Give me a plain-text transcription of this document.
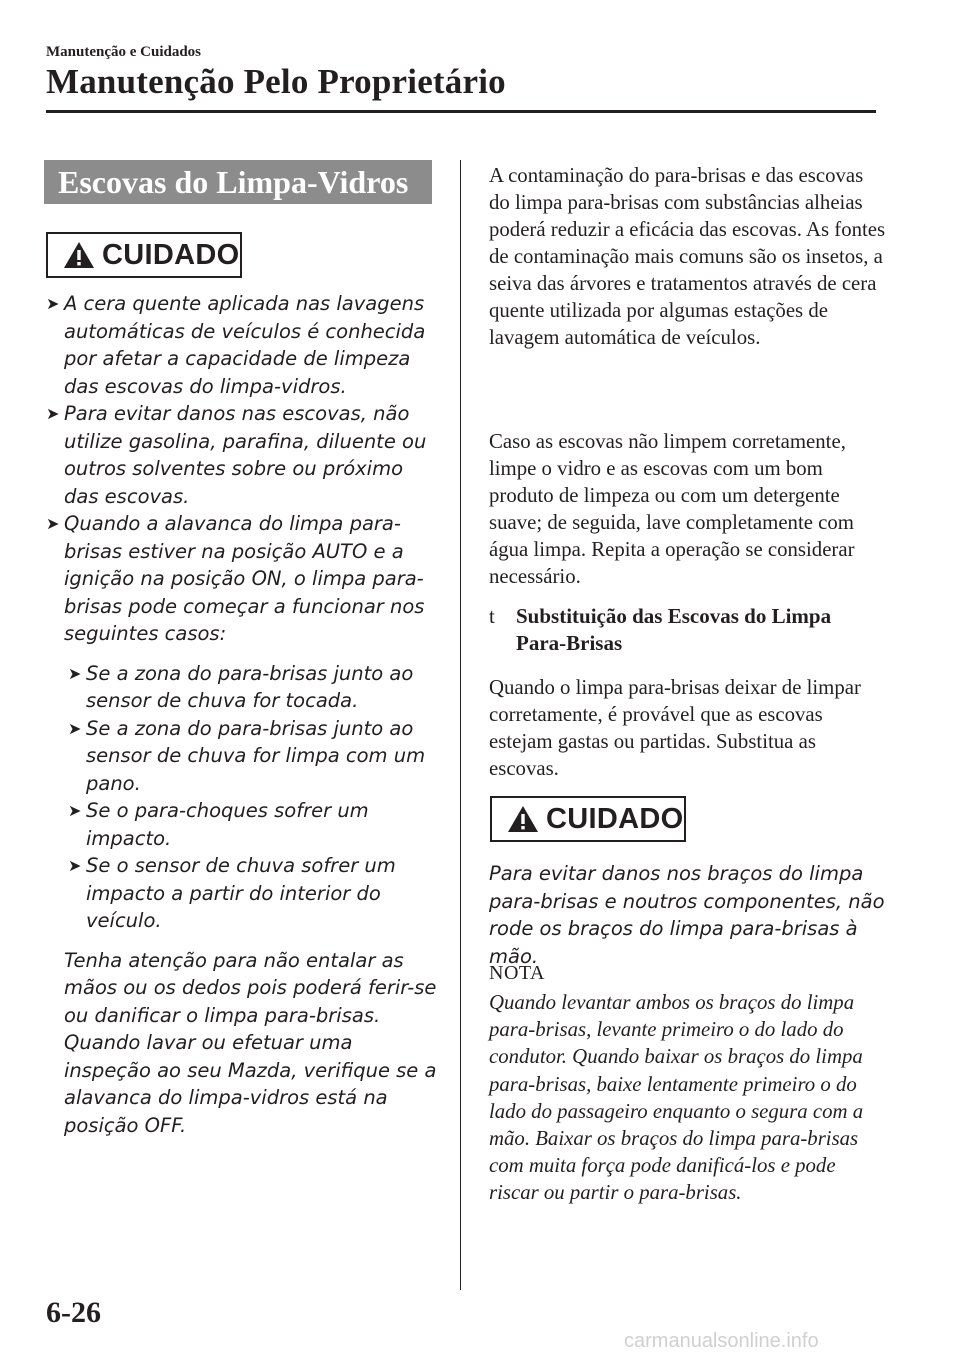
Manutenção e Cuidados
Manutenção Pelo Proprietário
Escovas do Limpa-Vidros
CUIDADO
➤ A cera quente aplicada nas lavagens automáticas de veículos é conhecida por afetar a capacidade de limpeza das escovas do limpa-vidros.
➤ Para evitar danos nas escovas, não utilize gasolina, parafina, diluente ou outros solventes sobre ou próximo das escovas.
➤ Quando a alavanca do limpa para-brisas estiver na posição AUTO e a ignição na posição ON, o limpa para-brisas pode começar a funcionar nos seguintes casos:
➤ Se a zona do para-brisas junto ao sensor de chuva for tocada.
➤ Se a zona do para-brisas junto ao sensor de chuva for limpa com um pano.
➤ Se o para-choques sofrer um impacto.
➤ Se o sensor de chuva sofrer um impacto a partir do interior do veículo.
Tenha atenção para não entalar as mãos ou os dedos pois poderá ferir-se ou danificar o limpa para-brisas. Quando lavar ou efetuar uma inspeção ao seu Mazda, verifique se a alavanca do limpa-vidros está na posição OFF.

A contaminação do para-brisas e das escovas do limpa para-brisas com substâncias alheias poderá reduzir a eficácia das escovas. As fontes de contaminação mais comuns são os insetos, a seiva das árvores e tratamentos através de cera quente utilizada por algumas estações de lavagem automática de veículos.

Caso as escovas não limpem corretamente, limpe o vidro e as escovas com um bom produto de limpeza ou com um detergente suave; de seguida, lave completamente com água limpa. Repita a operação se considerar necessário.

t	Substituição das Escovas do Limpa Para-Brisas

Quando o limpa para-brisas deixar de limpar corretamente, é provável que as escovas estejam gastas ou partidas. Substitua as escovas.

CUIDADO
Para evitar danos nos braços do limpa para-brisas e noutros componentes, não rode os braços do limpa para-brisas à mão.
NOTA
Quando levantar ambos os braços do limpa para-brisas, levante primeiro o do lado do condutor. Quando baixar os braços do limpa para-brisas, baixe lentamente primeiro o do lado do passageiro enquanto o segura com a mão. Baixar os braços do limpa para-brisas com muita força pode danificá-los e pode riscar ou partir o para-brisas.
6-26
carmanualsonline.info
